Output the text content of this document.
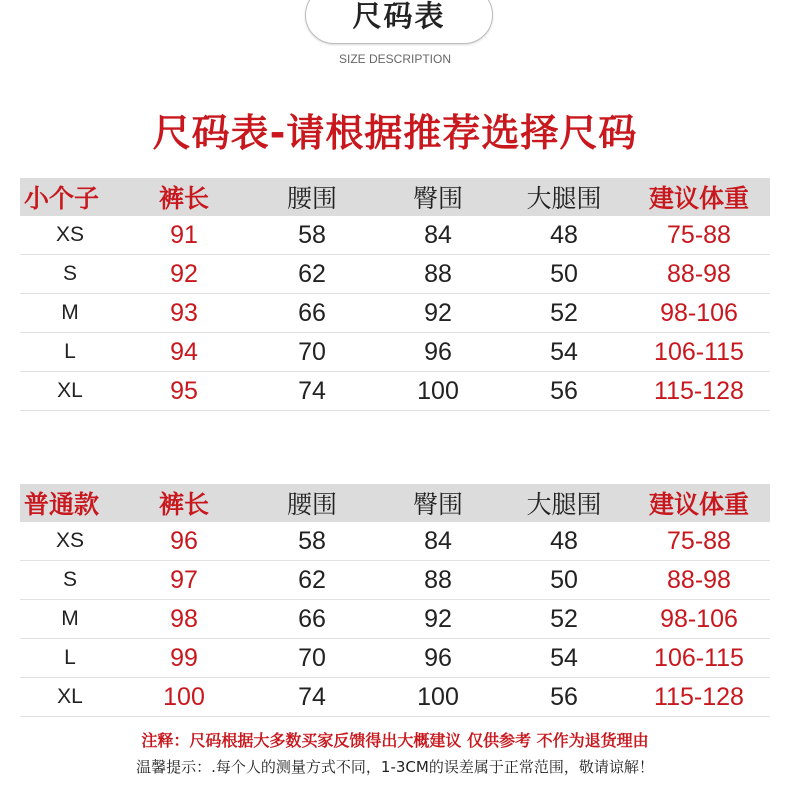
尺码表
SIZE DESCRIPTION
尺码表-请根据推荐选择尺码
小个子	裤长	腰围	臀围	大腿围	建议体重
XS	91	58	84	48	75-88
S	92	62	88	50	88-98
M	93	66	92	52	98-106
L	94	70	96	54	106-115
XL	95	74	100	56	115-128
普通款	裤长	腰围	臀围	大腿围	建议体重
XS	96	58	84	48	75-88
S	97	62	88	50	88-98
M	98	66	92	52	98-106
L	99	70	96	54	106-115
XL	100	74	100	56	115-128
注释：尺码根据大多数买家反馈得出大概建议 仅供参考 不作为退货理由
温馨提示：.每个人的测量方式不同，1-3CM的误差属于正常范围，敬请谅解！
